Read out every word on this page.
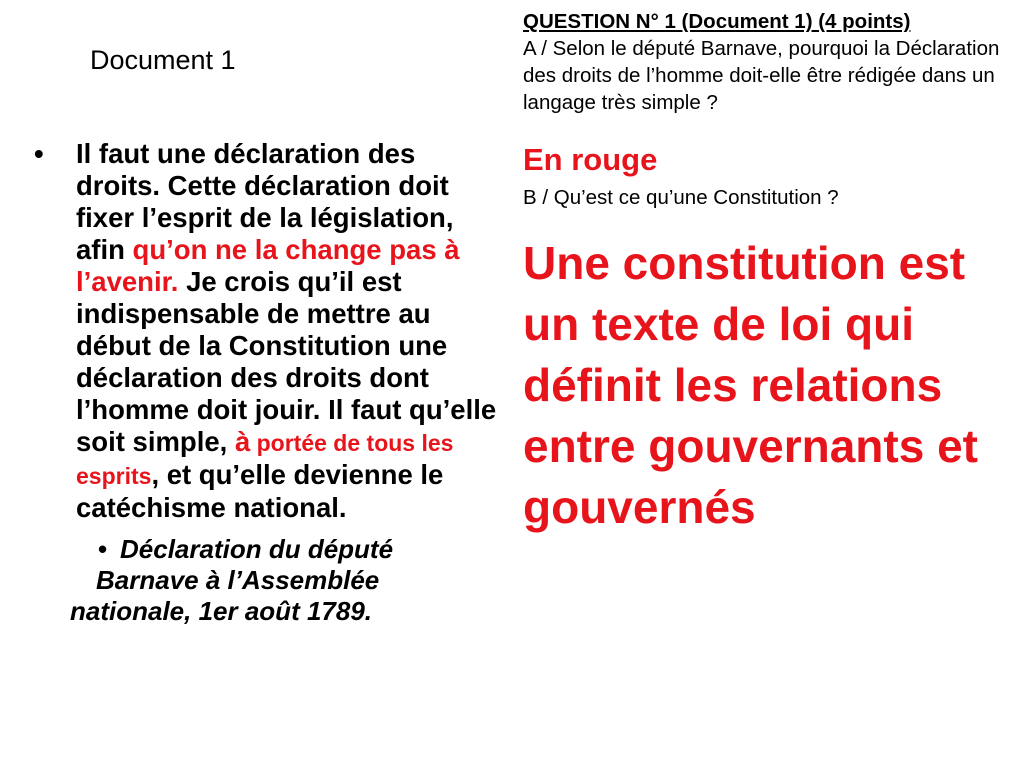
Document 1
• Il faut une déclaration des droits. Cette déclaration doit fixer l’esprit de la législation, afin qu’on ne la change pas à l’avenir. Je crois qu’il est indispensable de mettre au début de la Constitution une déclaration des droits dont l’homme doit jouir. Il faut qu’elle soit simple, à portée de tous les esprits, et qu’elle devienne le catéchisme national.
• Déclaration du député
Barnave à l’Assemblée
nationale, 1er août 1789.
QUESTION N° 1 (Document 1) (4 points)
A / Selon le député Barnave, pourquoi la Déclaration des droits de l’homme doit-elle être rédigée dans un langage très simple ?
En rouge
B / Qu’est ce qu’une Constitution ?
Une constitution est un texte de loi qui définit les relations entre gouvernants et gouvernés
